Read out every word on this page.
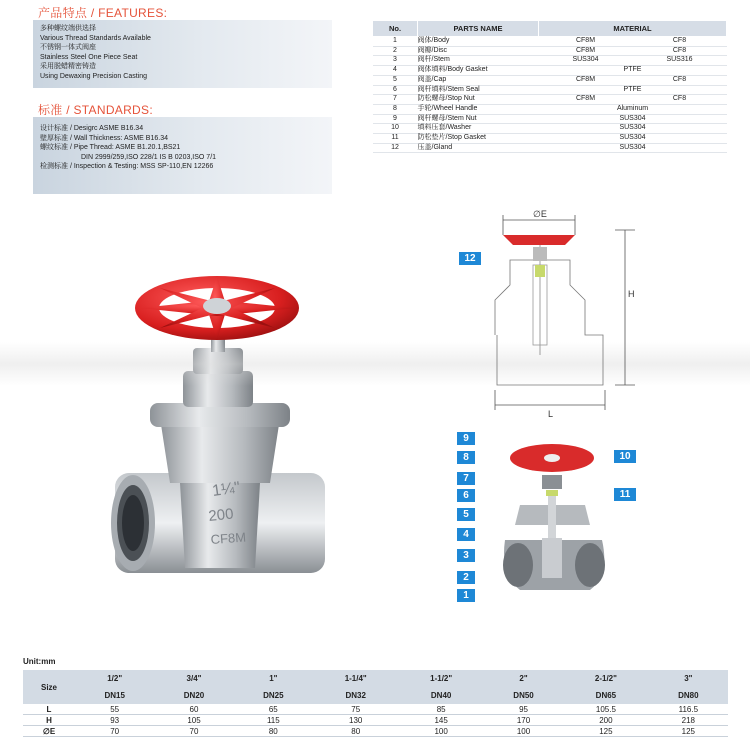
产品特点 / FEATURES:
多种螺纹端供选择
Various Thread Standards Available
不锈钢一体式阀座
Stainless Steel One Piece Seat
采用脱蜡精密铸造
Using Dewaxing Precision Casting
标准 / STANDARDS:
设计标准 / Desigrc ASME B16.34
壁厚标准 / Wall Thickness: ASME B16.34
螺纹标准 / Pipe Thread: ASME B1.20.1,BS21
DIN 2999/259,ISO 228/1 IS B 0203,ISO 7/1
检测标准 / Inspection & Testing: MSS SP-110,EN 12266
No.	PARTS NAME	MATERIAL	
1	阀体/Body	CF8M	CF8
2	阀瓣/Disc	CF8M	CF8
3	阀杆/Stem	SUS304	SUS316
4	阀体填料/Body Gasket	PTFE	
5	阀盖/Cap	CF8M	CF8
6	阀杆填料/Stem Seal	PTFE	
7	防松螺母/Stop Nut	CF8M	CF8
8	手轮/Wheel Handle	Aluminum	
9	阀杆螺母/Stem Nut	SUS304	
10	填料压套/Washer	SUS304	
11	防松垫片/Stop Gasket	SUS304	
12	压盖/Gland	SUS304	
1¼"
200
CF8M
∅E
H
L
1
2
3
4
5
6
7
8
9
10
11
12
Unit:mm
Size	1/2"	3/4"	1"	1-1/4"	1-1/2"	2"	2-1/2"	3"
	DN15	DN20	DN25	DN32	DN40	DN50	DN65	DN80
L	55	60	65	75	85	95	105.5	116.5
H	93	105	115	130	145	170	200	218
∅E	70	70	80	80	100	100	125	125
